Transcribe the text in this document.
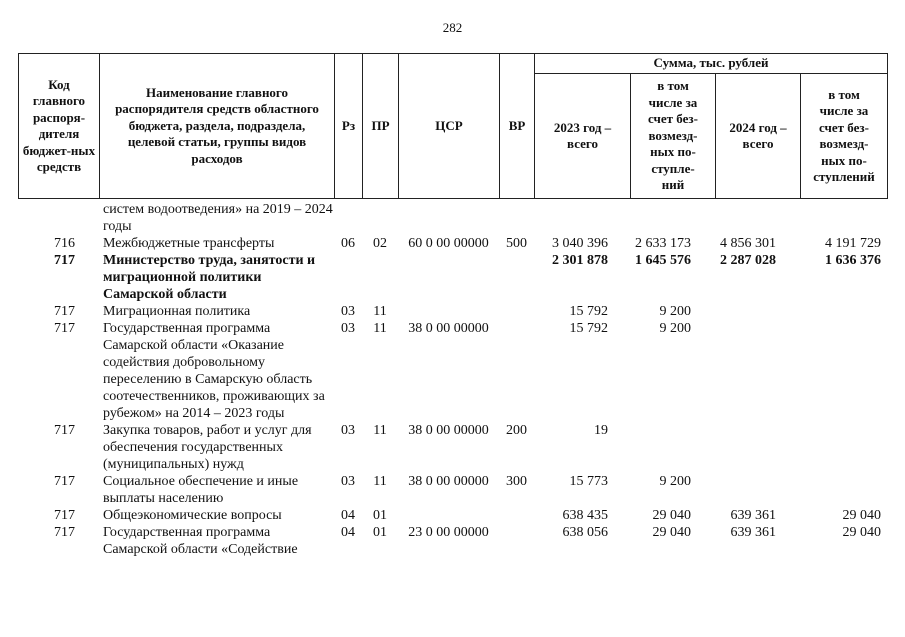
282
Код главного распоря-дителя бюджет-ных средств	Наименование главного распорядителя средств областного бюджета, раздела, подраздела, целевой статьи, группы видов расходов	Рз	ПР	ЦСР	ВР	Сумма, тыс. рублей			
						2023 год – всего	в том числе за счет без-возмезд-ных по-ступле-ний	2024 год – всего	в том числе за счет без-возмезд-ных по-ступлений
	систем водоотведения» на 2019 – 2024 годы								
716	Межбюджетные трансферты	06	02	60 0 00 00000	500	3 040 396	2 633 173	4 856 301	4 191 729
717	Министерство труда, занятости и миграционной политики Самарской области					2 301 878	1 645 576	2 287 028	1 636 376
717	Миграционная политика	03	11			15 792	9 200		
717	Государственная программа Самарской области «Оказание содействия добровольному переселению в Самарскую область соотечественников, проживающих за рубежом» на 2014 – 2023 годы	03	11	38 0 00 00000		15 792	9 200		
717	Закупка товаров, работ и услуг для обеспечения государственных (муниципальных) нужд	03	11	38 0 00 00000	200	19			
717	Социальное обеспечение и иные выплаты населению	03	11	38 0 00 00000	300	15 773	9 200		
717	Общеэкономические вопросы	04	01			638 435	29 040	639 361	29 040
717	Государственная программа Самарской области «Содействие	04	01	23 0 00 00000		638 056	29 040	639 361	29 040
